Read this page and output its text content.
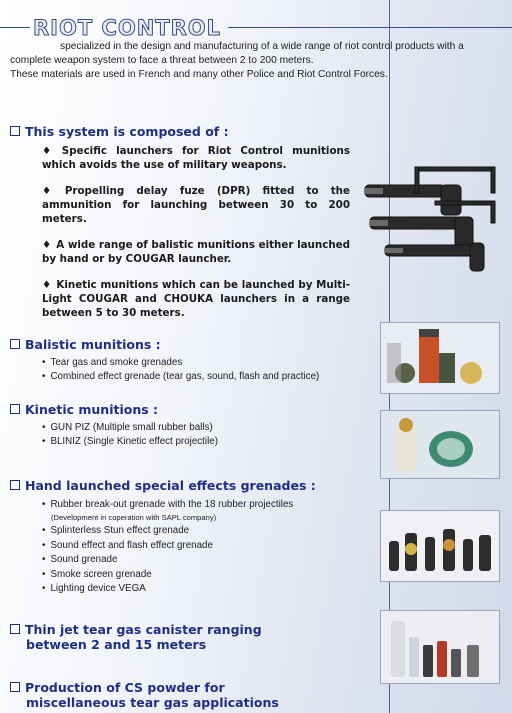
RIOT CONTROL

specialized in the design and manufacturing of a wide range of riot control products with a

complete weapon system to face a threat between 2 to 200 meters.

These materials are used in French and many other Police and Riot Control Forces.

This system is composed of :
♦ Specific launchers for Riot Control munitions which avoids the use of military weapons.
♦ Propelling delay fuze (DPR) fitted to the ammunition for launching between 30 to 200 meters.
♦ A wide range of balistic munitions either launched by hand or by COUGAR launcher.
♦ Kinetic munitions which can be launched by Multi-Light COUGAR and CHOUKA launchers in a range between 5 to 30 meters.
Balistic munitions :
• Tear gas and smoke grenades
• Combined effect grenade (tear gas, sound, flash and practice)
Kinetic munitions :
• GUN PIZ (Multiple small rubber balls)
• BLINIZ (Single Kinetic effect projectile)
Hand launched special effects grenades :
• Rubber break-out grenade with the 18 rubber projectiles
(Development in coperation with SAPL company)
• Splinterless Stun effect grenade
• Sound effect and flash effect grenade
• Sound grenade
• Smoke screen grenade
• Lighting device VEGA
Thin jet tear gas canister ranging
between 2 and 15 meters
Production of CS powder for
miscellaneous tear gas applications
